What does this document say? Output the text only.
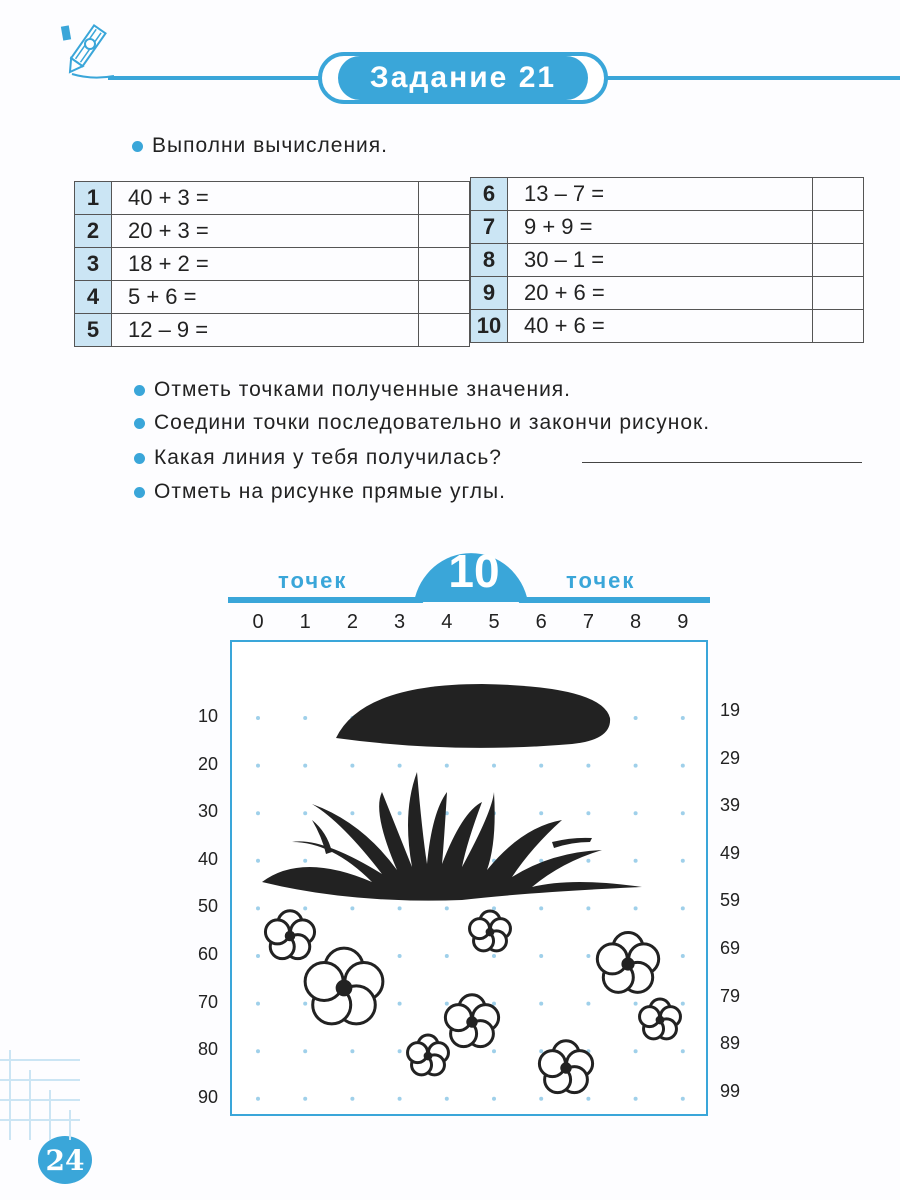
Задание 21
Выполни вычисления.
1	40 + 3 =	
2	20 + 3 =	
3	18 + 2 =	
4	5 + 6 =	
5	12 – 9 =	
6	13 – 7 =	
7	9 + 9 =	
8	30 – 1 =	
9	20 + 6 =	
10	40 + 6 =	
Отметь точками полученные значения.
Соедини точки последовательно и закончи рисунок.
Какая линия у тебя получилась?
Отметь на рисунке прямые углы.
точек	10	точек
0	1	2	3	4	5	6	7	8	9
10
20
30
40
50
60
70
80
90
19
29
39
49
59
69
79
89
99
24
